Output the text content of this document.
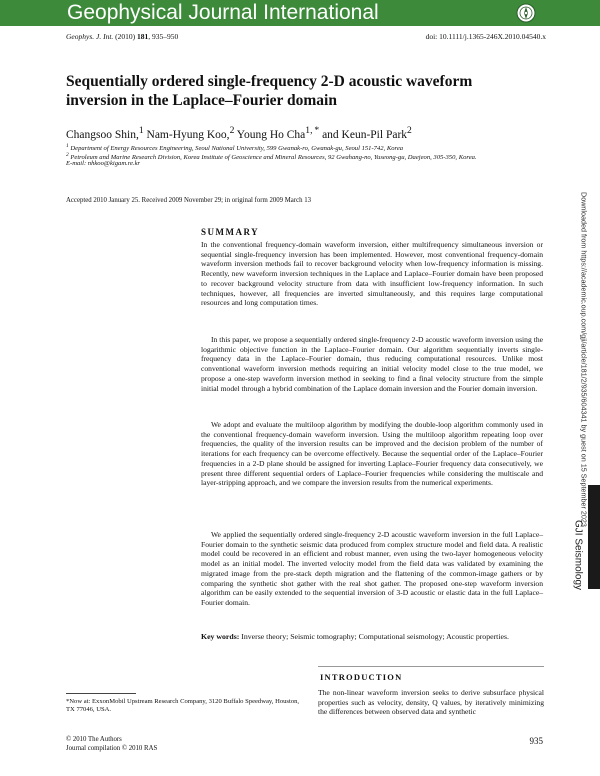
Geophysical Journal International
Geophys. J. Int. (2010) 181, 935–950	doi: 10.1111/j.1365-246X.2010.04540.x
Sequentially ordered single-frequency 2-D acoustic waveform inversion in the Laplace–Fourier domain
Changsoo Shin,$^1$ Nam-Hyung Koo,$^2$ Young Ho Cha$^{1, *}$ and Keun-Pil Park$^2$
$^1$ Department of Energy Resources Engineering, Seoul National University, 599 Gwanak-ro, Gwanak-gu, Seoul 151-742, Korea
$^2$ Petroleum and Marine Research Division, Korea Institute of Geoscience and Mineral Resources, 92 Gwahang-no, Yuseong-gu, Daejeon, 305-350, Korea.
E-mail: nhkoo@kigam.re.kr
Accepted 2010 January 25. Received 2009 November 29; in original form 2009 March 13
SUMMARY

In the conventional frequency-domain waveform inversion, either multifrequency simultaneous inversion or sequential single-frequency inversion has been implemented. However, most conventional frequency-domain waveform inversion methods fail to recover background velocity when low-frequency information is missing. Recently, new waveform inversion techniques in the Laplace and Laplace–Fourier domain have been proposed to recover background velocity structure from data with insufficient low-frequency information. In such techniques, however, all frequencies are inverted simultaneously, and this requires large computational resources and long computation times.

In this paper, we propose a sequentially ordered single-frequency 2-D acoustic waveform inversion using the logarithmic objective function in the Laplace–Fourier domain. Our algorithm sequentially inverts single-frequency data in the Laplace–Fourier domain, thus reducing computational resources. Unlike most conventional waveform inversion methods requiring an initial velocity model close to the true model, we propose a one-step waveform inversion method in seeking to find a final velocity structure from the simple initial model through a hybrid combination of the Laplace domain inversion and the Fourier domain inversion.

We adopt and evaluate the multiloop algorithm by modifying the double-loop algorithm commonly used in the conventional frequency-domain waveform inversion. Using the multiloop algorithm repeating loop over frequencies, the quality of the inversion results can be improved and the decision problem of the number of iterations for each frequency can be overcome effectively. Because the sequential order of the Laplace–Fourier frequencies in a 2-D plane should be assigned for inverting Laplace–Fourier frequency data consecutively, we present three different sequential orders of Laplace–Fourier frequencies while considering the multiscale and layer-stripping approach, and we compare the inversion results from the numerical experiments.

We applied the sequentially ordered single-frequency 2-D acoustic waveform inversion in the full Laplace–Fourier domain to the synthetic seismic data produced from complex structure model and field data. A realistic model could be recovered in an efficient and robust manner, even using the two-layer homogeneous velocity model as an initial model. The inverted velocity model from the field data was validated by examining the migrated image from the pre-stack depth migration and the flattening of the common-image gathers or by comparing the synthetic shot gather with the real shot gather. The proposed one-step waveform inversion algorithm can be easily extended to the sequential inversion of 3-D acoustic or elastic data in the full Laplace–Fourier domain.

Key words: Inverse theory; Seismic tomography; Computational seismology; Acoustic properties.
INTRODUCTION
The non-linear waveform inversion seeks to derive subsurface physical properties such as velocity, density, Q values, by iteratively minimizing the differences between observed data and synthetic
*Now at: ExxonMobil Upstream Research Company, 3120 Buffalo Speedway, Houston, TX 77046, USA.
© 2010 The Authors
Journal compilation © 2010 RAS
935
Downloaded from https://academic.oup.com/gji/article/181/2/935/604341 by guest on 15 September 2023
GJI Seismology
